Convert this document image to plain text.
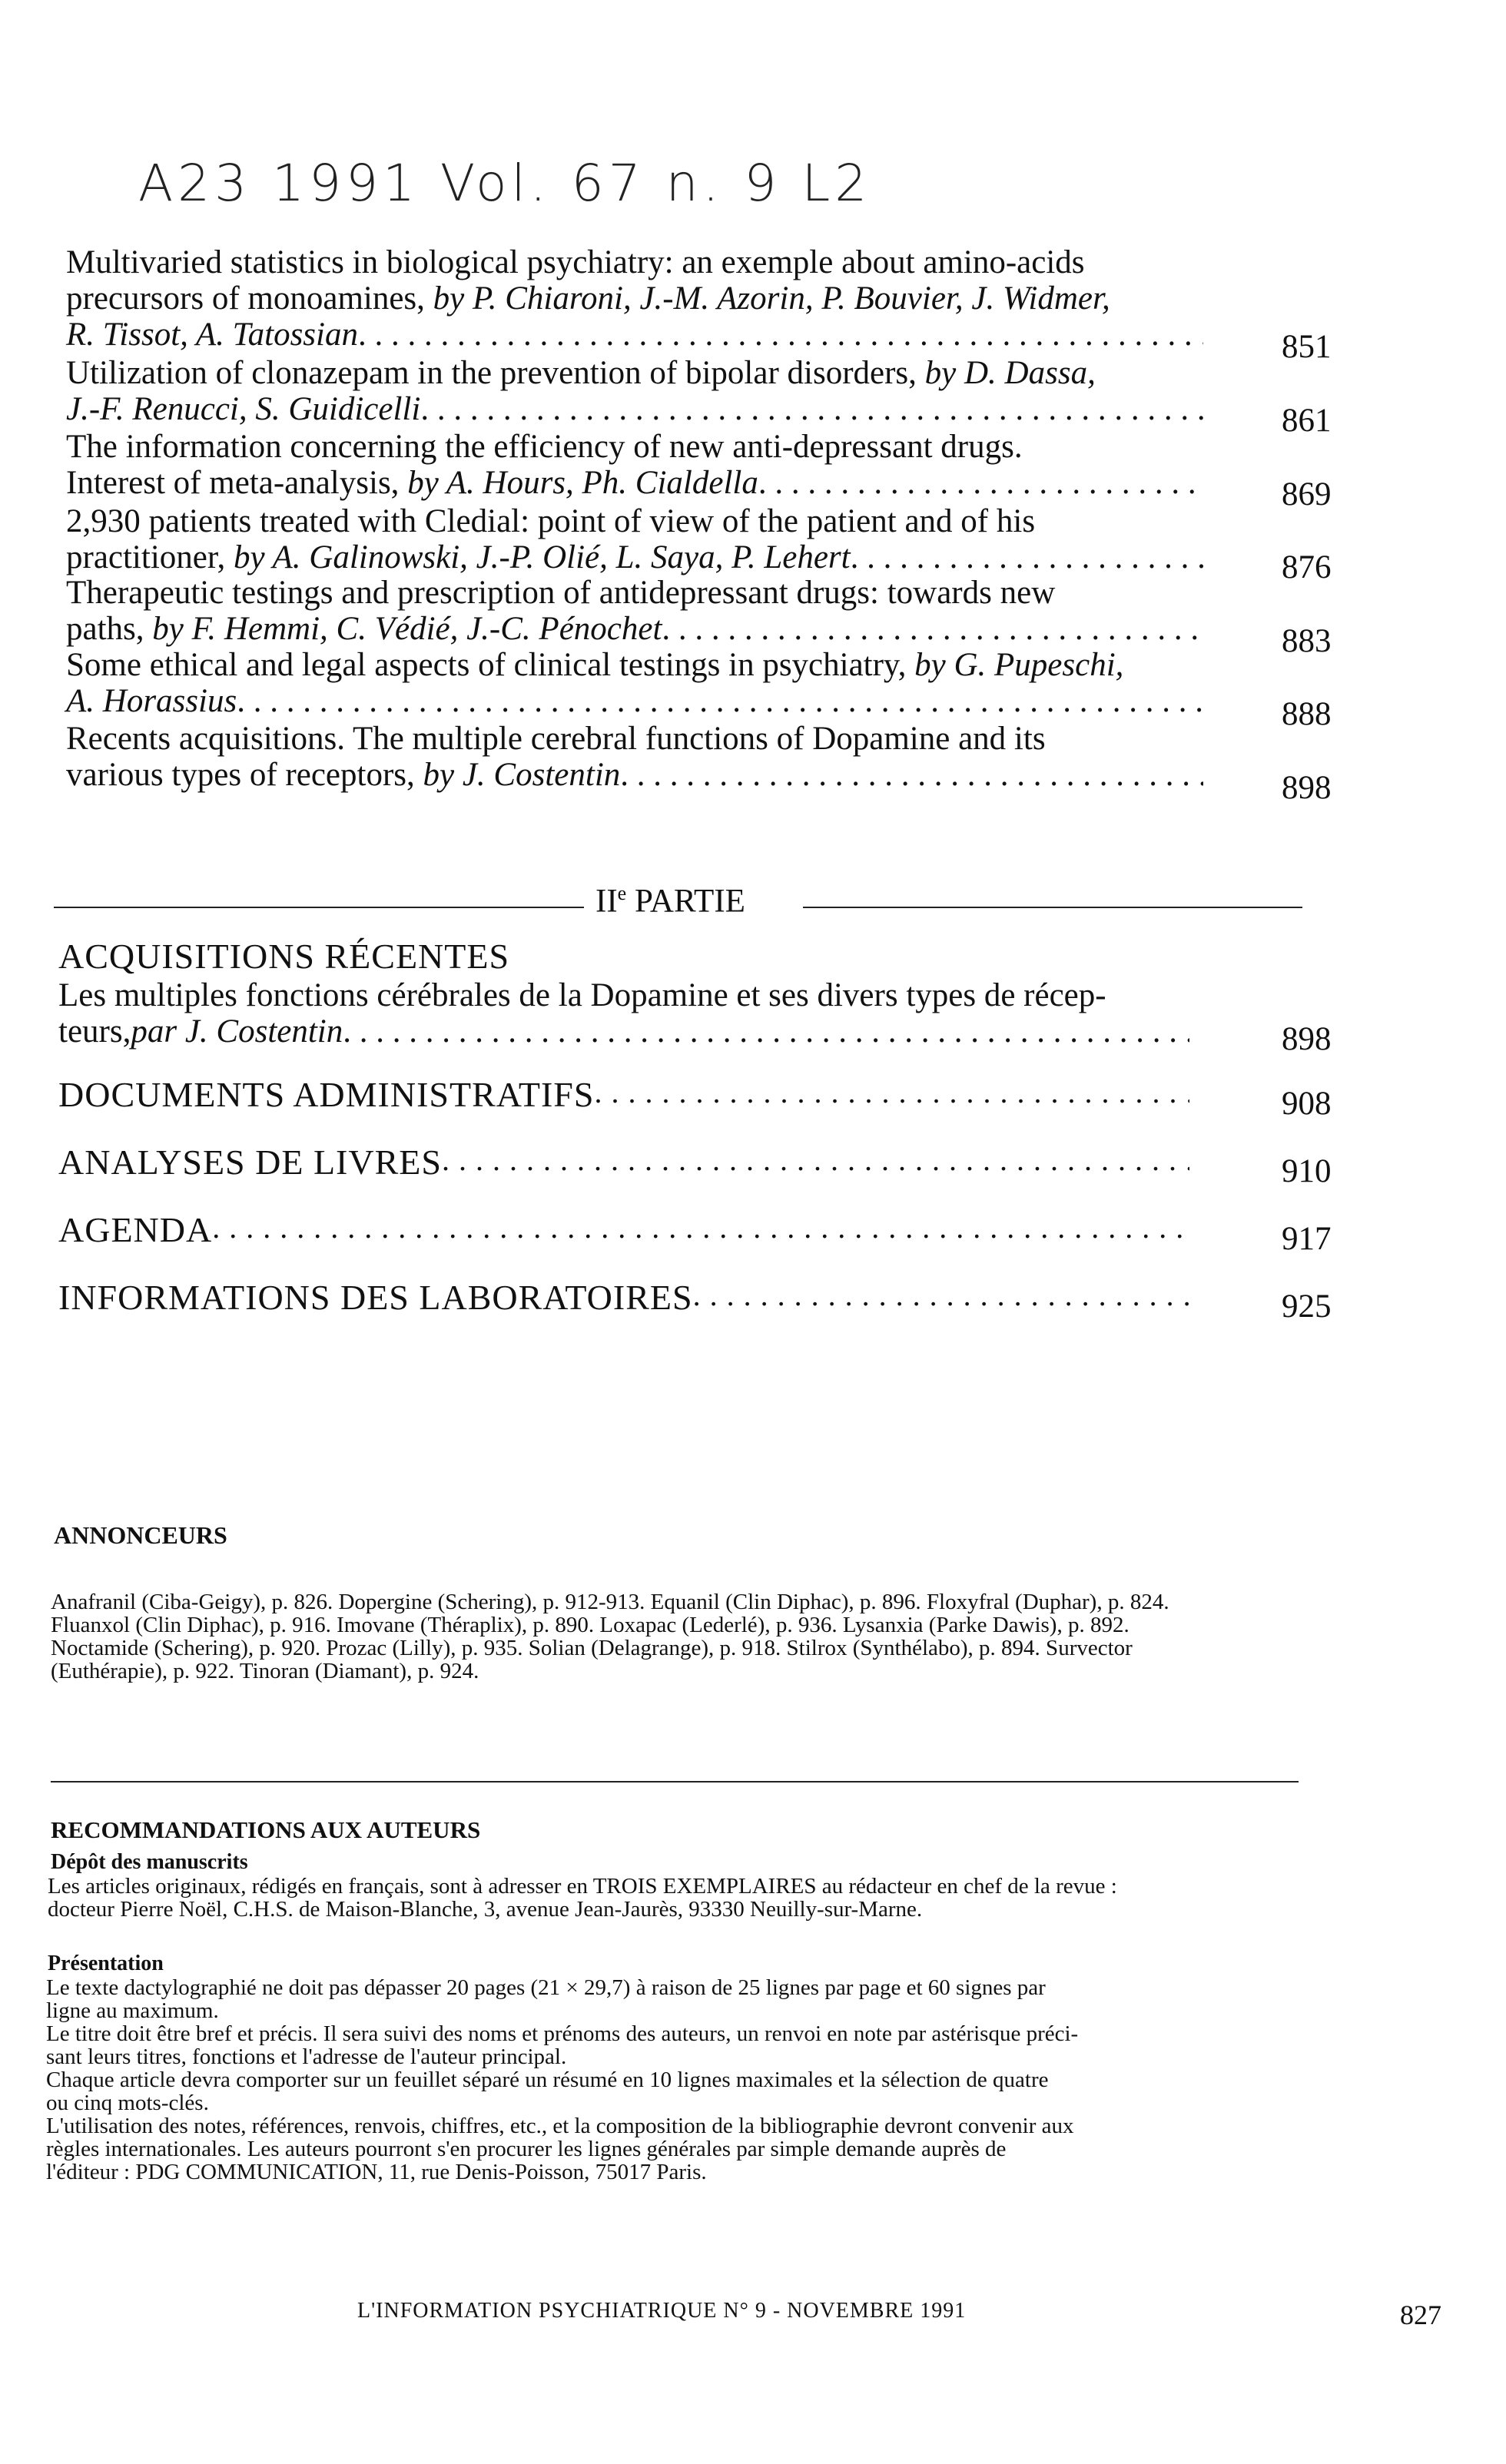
A23 1991 Vol. 67 n. 9 L2
Multivaried statistics in biological psychiatry: an exemple about amino-acids
precursors of monoamines, by P. Chiaroni, J.-M. Azorin, P. Bouvier, J. Widmer,
R. Tissot, A. Tatossian . . .	851
Utilization of clonazepam in the prevention of bipolar disorders, by D. Dassa,
J.-F. Renucci, S. Guidicelli . . .	861
The information concerning the efficiency of new anti-depressant drugs.
Interest of meta-analysis, by A. Hours, Ph. Cialdella . . .	869
2,930 patients treated with Cledial: point of view of the patient and of his
practitioner, by A. Galinowski, J.-P. Olié, L. Saya, P. Lehert . . .	876
Therapeutic testings and prescription of antidepressant drugs: towards new
paths, by F. Hemmi, C. Védié, J.-C. Pénochet . . .	883
Some ethical and legal aspects of clinical testings in psychiatry, by G. Pupeschi,
A. Horassius . . .	888
Recents acquisitions. The multiple cerebral functions of Dopamine and its
various types of receptors, by J. Costentin . . .	898
IIe PARTIE
ACQUISITIONS RÉCENTES
Les multiples fonctions cérébrales de la Dopamine et ses divers types de récep-
teurs, par J. Costentin . . .	898
DOCUMENTS ADMINISTRATIFS . . .	908
ANALYSES DE LIVRES . . .	910
AGENDA . . .	917
INFORMATIONS DES LABORATOIRES . . .	925
ANNONCEURS
Anafranil (Ciba-Geigy), p. 826. Dopergine (Schering), p. 912-913. Equanil (Clin Diphac), p. 896. Floxyfral (Duphar), p. 824.
Fluanxol (Clin Diphac), p. 916. Imovane (Théraplix), p. 890. Loxapac (Lederlé), p. 936. Lysanxia (Parke Dawis), p. 892.
Noctamide (Schering), p. 920. Prozac (Lilly), p. 935. Solian (Delagrange), p. 918. Stilrox (Synthélabo), p. 894. Survector
(Euthérapie), p. 922. Tinoran (Diamant), p. 924.
RECOMMANDATIONS AUX AUTEURS
Dépôt des manuscrits
Les articles originaux, rédigés en français, sont à adresser en TROIS EXEMPLAIRES au rédacteur en chef de la revue :
docteur Pierre Noël, C.H.S. de Maison-Blanche, 3, avenue Jean-Jaurès, 93330 Neuilly-sur-Marne.
Présentation
Le texte dactylographié ne doit pas dépasser 20 pages (21 × 29,7) à raison de 25 lignes par page et 60 signes par
ligne au maximum.
Le titre doit être bref et précis. Il sera suivi des noms et prénoms des auteurs, un renvoi en note par astérisque préci-
sant leurs titres, fonctions et l'adresse de l'auteur principal.
Chaque article devra comporter sur un feuillet séparé un résumé en 10 lignes maximales et la sélection de quatre
ou cinq mots-clés.
L'utilisation des notes, références, renvois, chiffres, etc., et la composition de la bibliographie devront convenir aux
règles internationales. Les auteurs pourront s'en procurer les lignes générales par simple demande auprès de
l'éditeur : PDG COMMUNICATION, 11, rue Denis-Poisson, 75017 Paris.
L'INFORMATION PSYCHIATRIQUE N° 9 - NOVEMBRE 1991	827
